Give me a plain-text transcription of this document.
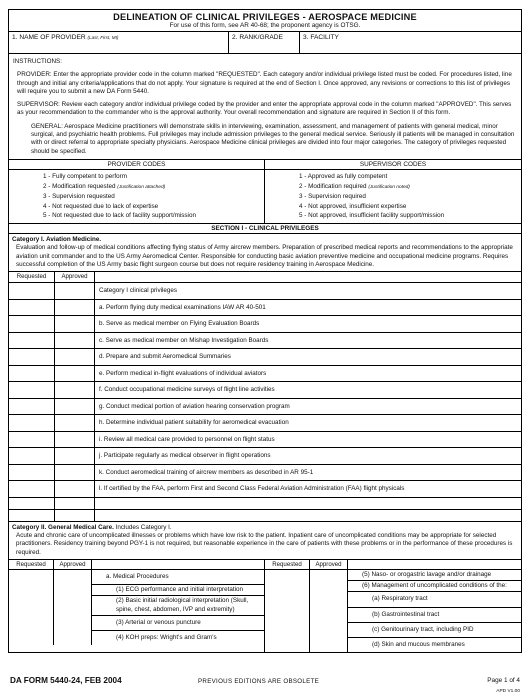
DELINEATION OF CLINICAL PRIVILEGES - AEROSPACE MEDICINE
For use of this form, see AR 40-68; the proponent agency is OTSG.
1. NAME OF PROVIDER (Last, First, MI)	2. RANK/GRADE	3. FACILITY

INSTRUCTIONS:

PROVIDER: Enter the appropriate provider code in the column marked "REQUESTED". Each category and/or individual privilege listed must be coded. For procedures listed, line through and initial any criteria/applications that do not apply. Your signature is required at the end of Section I. Once approved, any revisions or corrections to this list of privileges will require you to submit a new DA Form 5440.

SUPERVISOR: Review each category and/or individual privilege coded by the provider and enter the appropriate approval code in the column marked "APPROVED". This serves as your recommendation to the commander who is the approval authority. Your overall recommendation and signature are required in Section II of this form.

GENERAL: Aerospace Medicine practitioners will demonstrate skills in interviewing, examination, assessment, and management of patients with general medical, minor surgical, and psychiatric health problems. Full privileges may include admission privileges to the general medical service. Seriously ill patients will be managed in consultation with or direct referral to appropriate specialty physicians. Aerospace Medicine clinical privileges are divided into four major categories. The category of privileges requested should be specified.

PROVIDER CODES
1 - Fully competent to perform
2 - Modification requested (Justification attached)
3 - Supervision requested
4 - Not requested due to lack of expertise
5 - Not requested due to lack of facility support/mission
SUPERVISOR CODES
1 - Approved as fully competent
2 - Modification required (Justification noted)
3 - Supervision required
4 - Not approved, insufficient expertise
5 - Not approved, insufficient facility support/mission
SECTION I - CLINICAL PRIVILEGES
Category I. Aviation Medicine.

Evaluation and follow-up of medical conditions affecting flying status of Army aircrew members. Preparation of prescribed medical reports and recommendations to the appropriate aviation unit commander and to the US Army Aeromedical Center. Responsible for conducting basic aviation preventive medicine and occupational medicine programs. Requires successful completion of the US Army basic flight surgeon course but does not require residency training in Aerospace Medicine.
Requested	Approved
Category I clinical privileges
a. Perform flying duty medical examinations IAW AR 40-501
b. Serve as medical member on Flying Evaluation Boards
c. Serve as medical member on Mishap Investigation Boards
d. Prepare and submit Aeromedical Summaries
e. Perform medical in-flight evaluations of individual aviators
f. Conduct occupational medicine surveys of flight line activities
g. Conduct medical portion of aviation hearing conservation program
h. Determine individual patient suitability for aeromedical evacuation
i. Review all medical care provided to personnel on flight status
j. Participate regularly as medical observer in flight operations
k. Conduct aeromedical training of aircrew members as described in AR 95-1
l. If certified by the FAA, perform First and Second Class Federal Aviation Administration (FAA) flight physicals
Category II. General Medical Care. Includes Category I.

Acute and chronic care of uncomplicated illnesses or problems which have low risk to the patient. Inpatient care of uncomplicated conditions may be appropriate for selected practitioners. Residency training beyond PGY-1 is not required, but reasonable experience in the care of patients with these problems or in the performance of these procedures is required.
Requested	Approved
a. Medical Procedures
(1) ECG performance and initial interpretation
(2) Basic initial radiological interpretation (Skull, spine, chest, abdomen, IVP and extremity)
(3) Arterial or venous puncture
(4) KOH preps: Wright's and Gram's
Requested	Approved
(5) Naso- or orogastric lavage and/or drainage
(6) Management of uncomplicated conditions of the:
(a) Respiratory tract
(b) Gastrointestinal tract
(c) Genitourinary tract, including PID
(d) Skin and mucous membranes
DA FORM 5440-24, FEB 2004	PREVIOUS EDITIONS ARE OBSOLETE	Page 1 of 4
APD V1.00
